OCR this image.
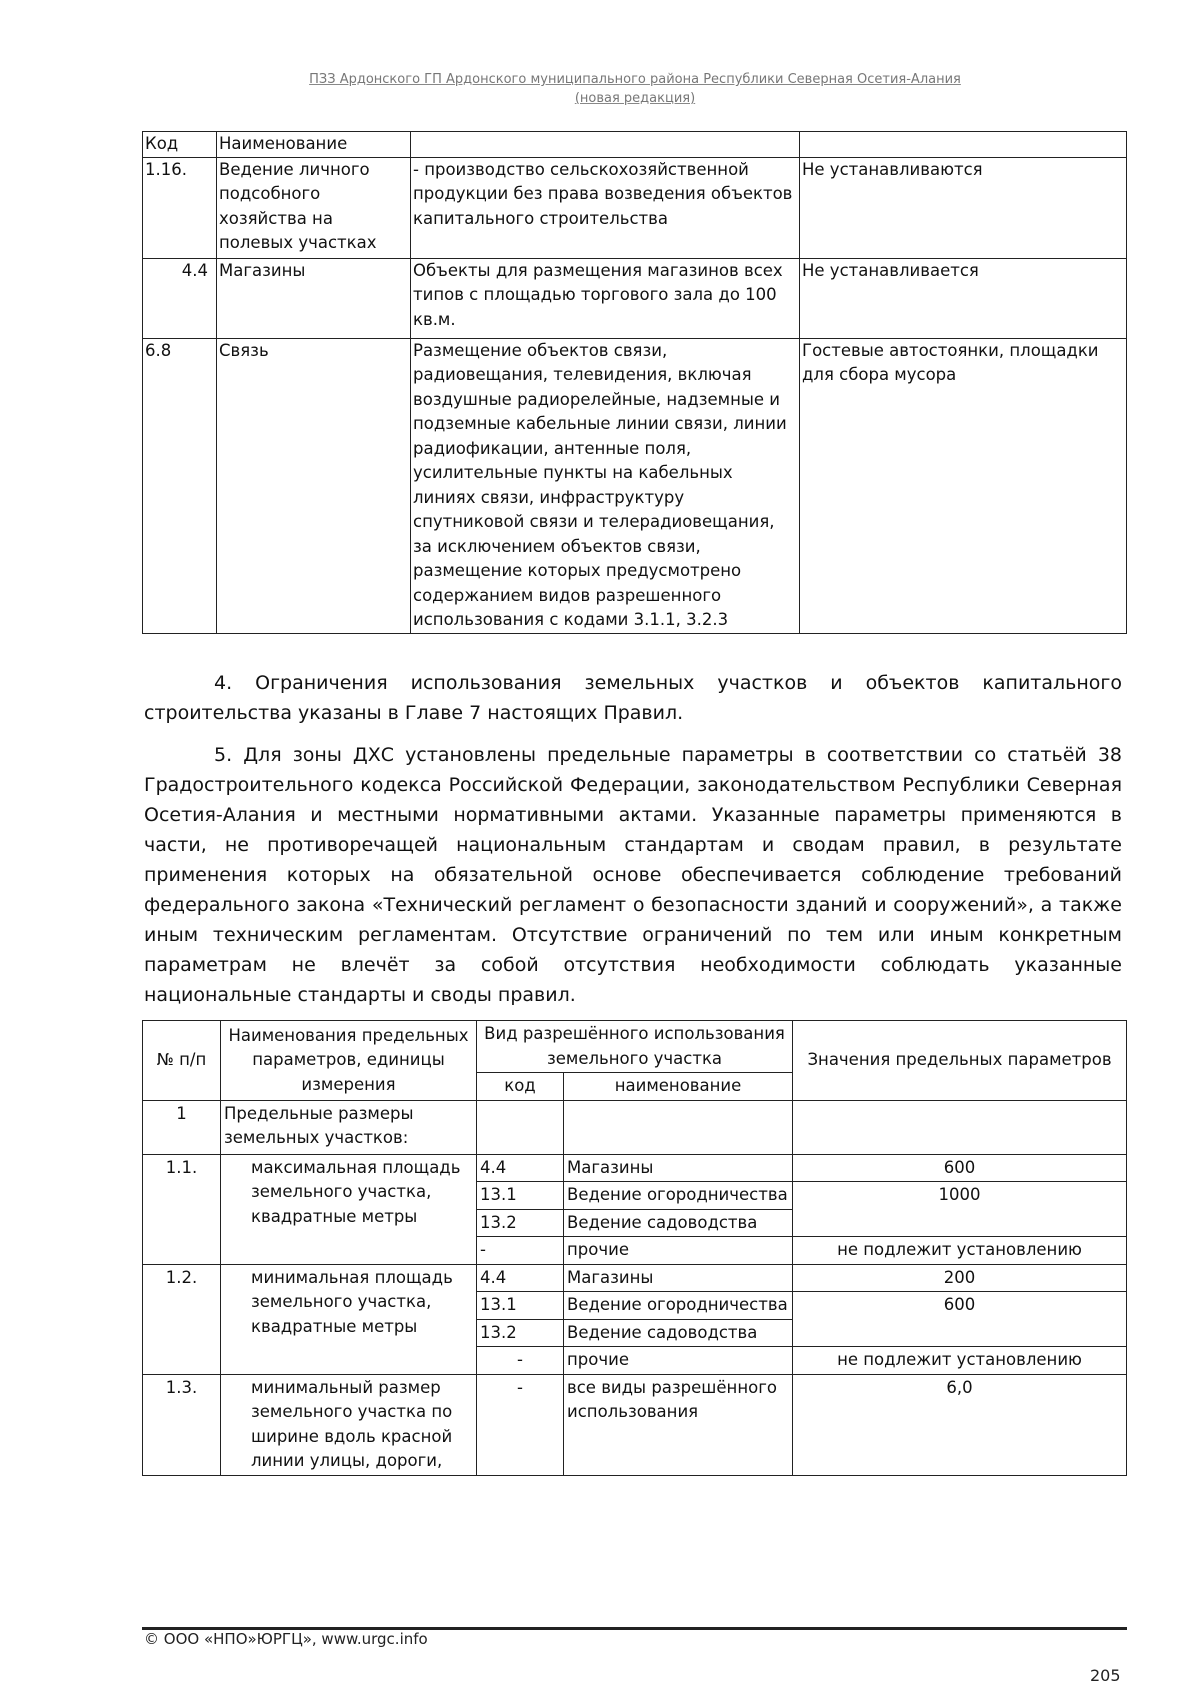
ПЗЗ Ардонского ГП Ардонского муниципального района Республики Северная Осетия-Алания
(новая редакция)
Код	Наименование		
1.16.	Ведение личного подсобного хозяйства на полевых участках	- производство сельскохозяйственной продукции без права возведения объектов капитального строительства	Не устанавливаются
4.4	Магазины	Объекты для размещения магазинов всех типов с площадью торгового зала до 100 кв.м.	Не устанавливается
6.8	Связь	Размещение объектов связи, радиовещания, телевидения, включая воздушные радиорелейные, надземные и подземные кабельные линии связи, линии радиофикации, антенные поля, усилительные пункты на кабельных линиях связи, инфраструктуру спутниковой связи и телерадиовещания, за исключением объектов связи, размещение которых предусмотрено содержанием видов разрешенного использования с кодами 3.1.1, 3.2.3	Гостевые автостоянки, площадки для сбора мусора

4. Ограничения использования земельных участков и объектов капитального строительства указаны в Главе 7 настоящих Правил.

5. Для зоны ДХС установлены предельные параметры в соответствии со статьёй 38 Градостроительного кодекса Российской Федерации, законодательством Республики Северная Осетия-Алания и местными нормативными актами. Указанные параметры применяются в части, не противоречащей национальным стандартам и сводам правил, в результате применения которых на обязательной основе обеспечивается соблюдение требований федерального закона «Технический регламент о безопасности зданий и сооружений», а также иным техническим регламентам. Отсутствие ограничений по тем или иным конкретным параметрам не влечёт за собой отсутствия необходимости соблюдать указанные национальные стандарты и своды правил.

№ п/п	Наименования предельных параметров, единицы измерения	Вид разрешённого использования земельного участка		Значения предельных параметров
		код	наименование	
1	Предельные размеры земельных участков:			
1.1.	максимальная площадь земельного участка, квадратные метры	4.4	Магазины	600
		13.1	Ведение огородничества	1000
		13.2	Ведение садоводства	
		-	прочие	не подлежит установлению
1.2.	минимальная площадь земельного участка, квадратные метры	4.4	Магазины	200
		13.1	Ведение огородничества	600
		13.2	Ведение садоводства	
		-	прочие	не подлежит установлению
1.3.	минимальный размер земельного участка по ширине вдоль красной линии улицы, дороги,	-	все виды разрешённого использования	6,0
© ООО «НПО»ЮРГЦ», www.urgc.info
205
